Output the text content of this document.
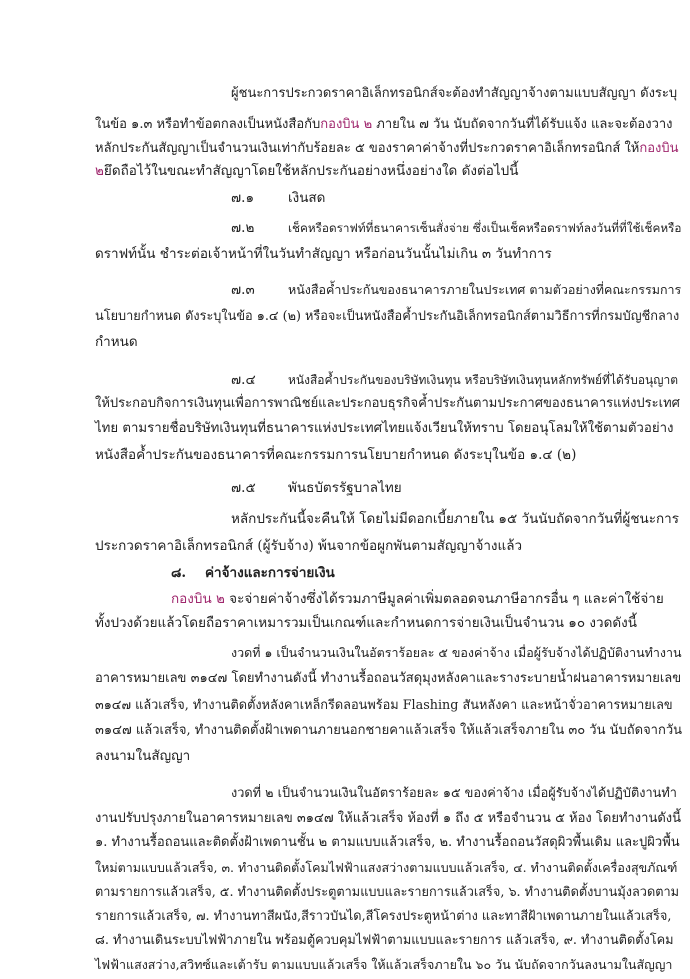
ผู้ชนะการประกวดราคาอิเล็กทรอนิกส์จะต้องทำสัญญาจ้างตามแบบสัญญา ดังระบุ
ในข้อ ๑.๓ หรือทำข้อตกลงเป็นหนังสือกับกองบิน ๒ ภายใน ๗ วัน นับถัดจากวันที่ได้รับแจ้ง และจะต้องวาง
หลักประกันสัญญาเป็นจำนวนเงินเท่ากับร้อยละ ๕ ของราคาค่าจ้างที่ประกวดราคาอิเล็กทรอนิกส์ ให้กองบิน
๒ยึดถือไว้ในขณะทำสัญญาโดยใช้หลักประกันอย่างหนึ่งอย่างใด ดังต่อไปนี้
๗.๑	เงินสด
๗.๒	เช็คหรือดราฟท์ที่ธนาคารเซ็นสั่งจ่าย ซึ่งเป็นเช็คหรือดราฟท์ลงวันที่ที่ใช้เช็คหรือ
ดราฟท์นั้น ชำระต่อเจ้าหน้าที่ในวันทำสัญญา หรือก่อนวันนั้นไม่เกิน ๓ วันทำการ
๗.๓	หนังสือค้ำประกันของธนาคารภายในประเทศ ตามตัวอย่างที่คณะกรรมการ
นโยบายกำหนด ดังระบุในข้อ ๑.๔ (๒) หรือจะเป็นหนังสือค้ำประกันอิเล็กทรอนิกส์ตามวิธีการที่กรมบัญชีกลาง
กำหนด
๗.๔	หนังสือค้ำประกันของบริษัทเงินทุน หรือบริษัทเงินทุนหลักทรัพย์ที่ได้รับอนุญาต
ให้ประกอบกิจการเงินทุนเพื่อการพาณิชย์และประกอบธุรกิจค้ำประกันตามประกาศของธนาคารแห่งประเทศ
ไทย ตามรายชื่อบริษัทเงินทุนที่ธนาคารแห่งประเทศไทยแจ้งเวียนให้ทราบ โดยอนุโลมให้ใช้ตามตัวอย่าง
หนังสือค้ำประกันของธนาคารที่คณะกรรมการนโยบายกำหนด ดังระบุในข้อ ๑.๔ (๒)
๗.๕ พันธบัตรรัฐบาลไทย
หลักประกันนี้จะคืนให้ โดยไม่มีดอกเบี้ยภายใน ๑๕ วันนับถัดจากวันที่ผู้ชนะการ
ประกวดราคาอิเล็กทรอนิกส์ (ผู้รับจ้าง) พ้นจากข้อผูกพันตามสัญญาจ้างแล้ว
๘. ค่าจ้างและการจ่ายเงิน
กองบิน ๒ จะจ่ายค่าจ้างซึ่งได้รวมภาษีมูลค่าเพิ่มตลอดจนภาษีอากรอื่น ๆ และค่าใช้จ่าย
ทั้งปวงด้วยแล้วโดยถือราคาเหมารวมเป็นเกณฑ์และกำหนดการจ่ายเงินเป็นจำนวน ๑๐ งวดดังนี้
งวดที่ ๑ เป็นจำนวนเงินในอัตราร้อยละ ๕ ของค่าจ้าง เมื่อผู้รับจ้างได้ปฏิบัติงานทำงาน
อาคารหมายเลข ๓๑๔๗ โดยทำงานดังนี้ ทำงานรื้อถอนวัสดุมุงหลังคาและรางระบายน้ำฝนอาคารหมายเลข
๓๑๔๗ แล้วเสร็จ, ทำงานติดตั้งหลังคาเหล็กรีดลอนพร้อม Flashing สันหลังคา และหน้าจั่วอาคารหมายเลข
๓๑๔๗ แล้วเสร็จ, ทำงานติดตั้งฝ้าเพดานภายนอกชายคาแล้วเสร็จ ให้แล้วเสร็จภายใน ๓๐ วัน นับถัดจากวัน
ลงนามในสัญญา
งวดที่ ๒ เป็นจำนวนเงินในอัตราร้อยละ ๑๕ ของค่าจ้าง เมื่อผู้รับจ้างได้ปฏิบัติงานทำ
งานปรับปรุงภายในอาคารหมายเลข ๓๑๔๗ ให้แล้วเสร็จ ห้องที่ ๑ ถึง ๕ หรือจำนวน ๕ ห้อง โดยทำงานดังนี้
๑. ทำงานรื้อถอนและติดตั้งฝ้าเพดานชั้น ๒ ตามแบบแล้วเสร็จ, ๒. ทำงานรื้อถอนวัสดุผิวพื้นเดิม และปูผิวพื้น
ใหม่ตามแบบแล้วเสร็จ, ๓. ทำงานติดตั้งโคมไฟฟ้าแสงสว่างตามแบบแล้วเสร็จ, ๔. ทำงานติดตั้งเครื่องสุขภัณฑ์
ตามรายการแล้วเสร็จ, ๕. ทำงานติดตั้งประตูตามแบบและรายการแล้วเสร็จ, ๖. ทำงานติดตั้งบานมุ้งลวดตาม
รายการแล้วเสร็จ, ๗. ทำงานทาสีผนัง,สีราวบันได,สีโครงประตูหน้าต่าง และทาสีฝ้าเพดานภายในแล้วเสร็จ,
๘. ทำงานเดินระบบไฟฟ้าภายใน พร้อมตู้ควบคุมไฟฟ้าตามแบบและรายการ แล้วเสร็จ, ๙. ทำงานติดตั้งโคม
ไฟฟ้าแสงสว่าง,สวิทซ์และเต้ารับ ตามแบบแล้วเสร็จ ให้แล้วเสร็จภายใน ๖๐ วัน นับถัดจากวันลงนามในสัญญา
